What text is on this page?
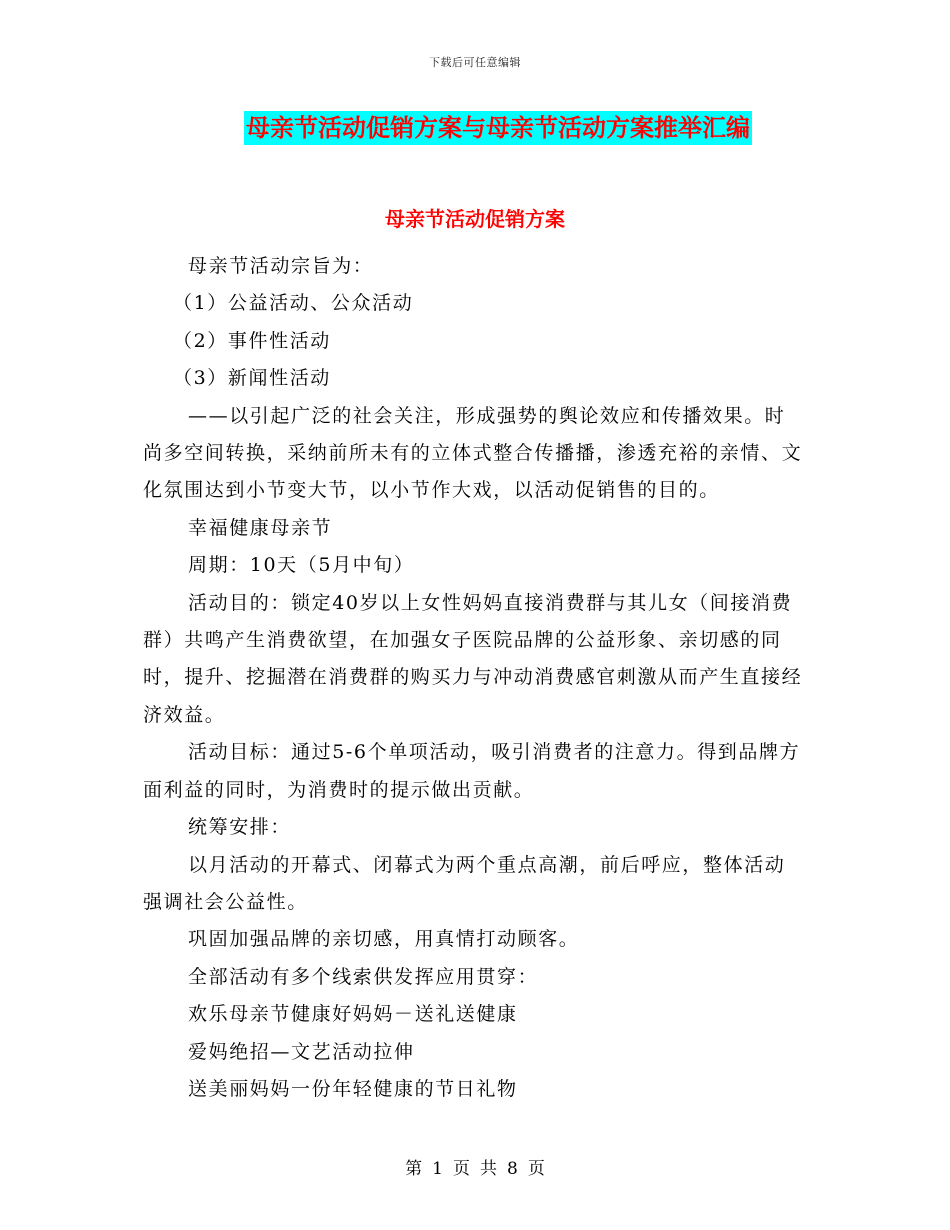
下载后可任意编辑
母亲节活动促销方案与母亲节活动方案推举汇编
母亲节活动促销方案

母亲节活动宗旨为：

（1）公益活动、公众活动

（2）事件性活动

（3）新闻性活动

——以引起广泛的社会关注，形成强势的舆论效应和传播效果。时尚多空间转换，采纳前所未有的立体式整合传播播，渗透充裕的亲情、文化氛围达到小节变大节，以小节作大戏，以活动促销售的目的。

幸福健康母亲节

周期：10天（5月中旬）

活动目的：锁定40岁以上女性妈妈直接消费群与其儿女（间接消费群）共鸣产生消费欲望，在加强女子医院品牌的公益形象、亲切感的同时，提升、挖掘潜在消费群的购买力与冲动消费感官刺激从而产生直接经济效益。

活动目标：通过5-6个单项活动，吸引消费者的注意力。得到品牌方面利益的同时，为消费时的提示做出贡献。

统筹安排：

以月活动的开幕式、闭幕式为两个重点高潮，前后呼应，整体活动强调社会公益性。

巩固加强品牌的亲切感，用真情打动顾客。

全部活动有多个线索供发挥应用贯穿：

欢乐母亲节健康好妈妈－送礼送健康

爱妈绝招—文艺活动拉伸

送美丽妈妈一份年轻健康的节日礼物

第 1 页 共 8 页
